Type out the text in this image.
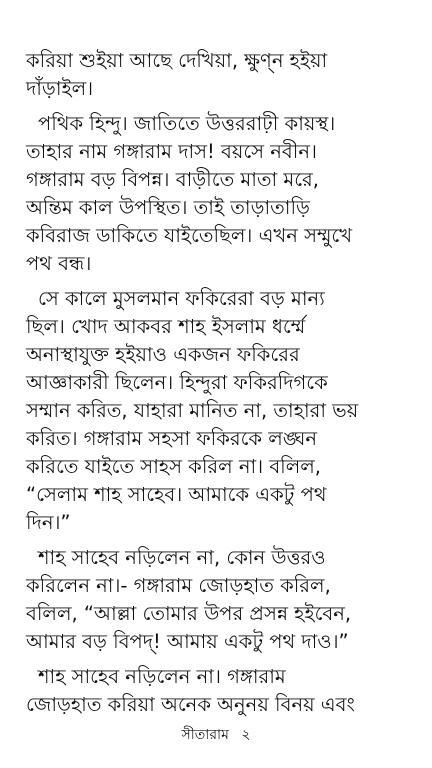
করিয়া শুইয়া আছে দেখিয়া, ক্ষুণ্ন হইয়া
দাঁড়াইল।
পথিক হিন্দু। জাতিতে উত্তররাঢ়ী কায়স্থ।
তাহার নাম গঙ্গারাম দাস! বয়সে নবীন।
গঙ্গারাম বড় বিপন্ন। বাড়ীতে মাতা মরে,
অন্তিম কাল উপস্থিত। তাই তাড়াতাড়ি
কবিরাজ ডাকিতে যাইতেছিল। এখন সম্মুখে
পথ বন্ধ।
সে কালে মুসলমান ফকিরেরা বড় মান্য
ছিল। খোদ আকবর শাহ ইসলাম ধর্ম্মে
অনাস্থাযুক্ত হইয়াও একজন ফকিরের
আজ্ঞাকারী ছিলেন। হিন্দুরা ফকিরদিগকে
সম্মান করিত, যাহারা মানিত না, তাহারা ভয়
করিত। গঙ্গারাম সহসা ফকিরকে লঙ্ঘন
করিতে যাইতে সাহস করিল না। বলিল,
“সেলাম শাহ সাহেব। আমাকে একটু পথ
দিন।”
শাহ সাহেব নড়িলেন না, কোন উত্তরও
করিলেন না।- গঙ্গারাম জোড়হাত করিল,
বলিল, “আল্লা তোমার উপর প্রসন্ন হইবেন,
আমার বড় বিপদ্! আমায় একটু পথ দাও।”
শাহ সাহেব নড়িলেন না। গঙ্গারাম
জোড়হাত করিয়া অনেক অনুনয় বিনয় এবং
সীতারাম ২
